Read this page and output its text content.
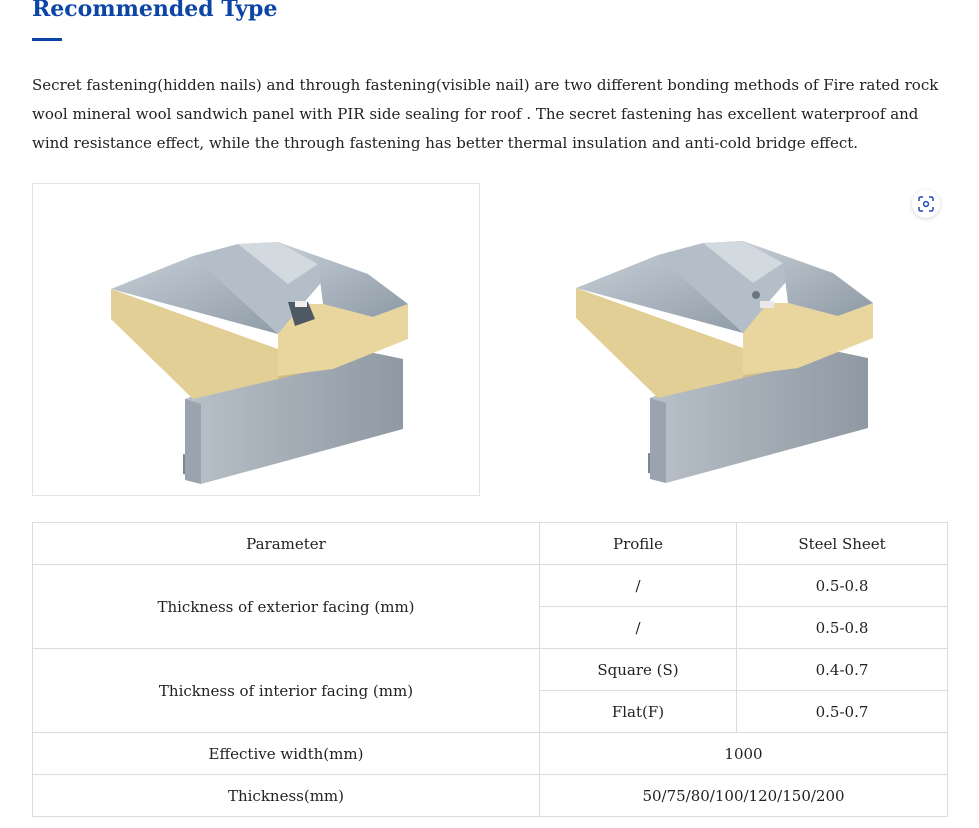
Recommended Type

Secret fastening(hidden nails) and through fastening(visible nail) are two different bonding methods of Fire rated rock wool mineral wool sandwich panel with PIR side sealing for roof . The secret fastening has excellent waterproof and wind resistance effect, while the through fastening has better thermal insulation and anti-cold bridge effect.

Parameter	Profile	Steel Sheet
Thickness of exterior facing (mm)	/	0.5-0.8
	/	0.5-0.8
Thickness of interior facing (mm)	Square (S)	0.4-0.7
	Flat(F)	0.5-0.7
Effective width(mm)	1000	
Thickness(mm)	50/75/80/100/120/150/200	
